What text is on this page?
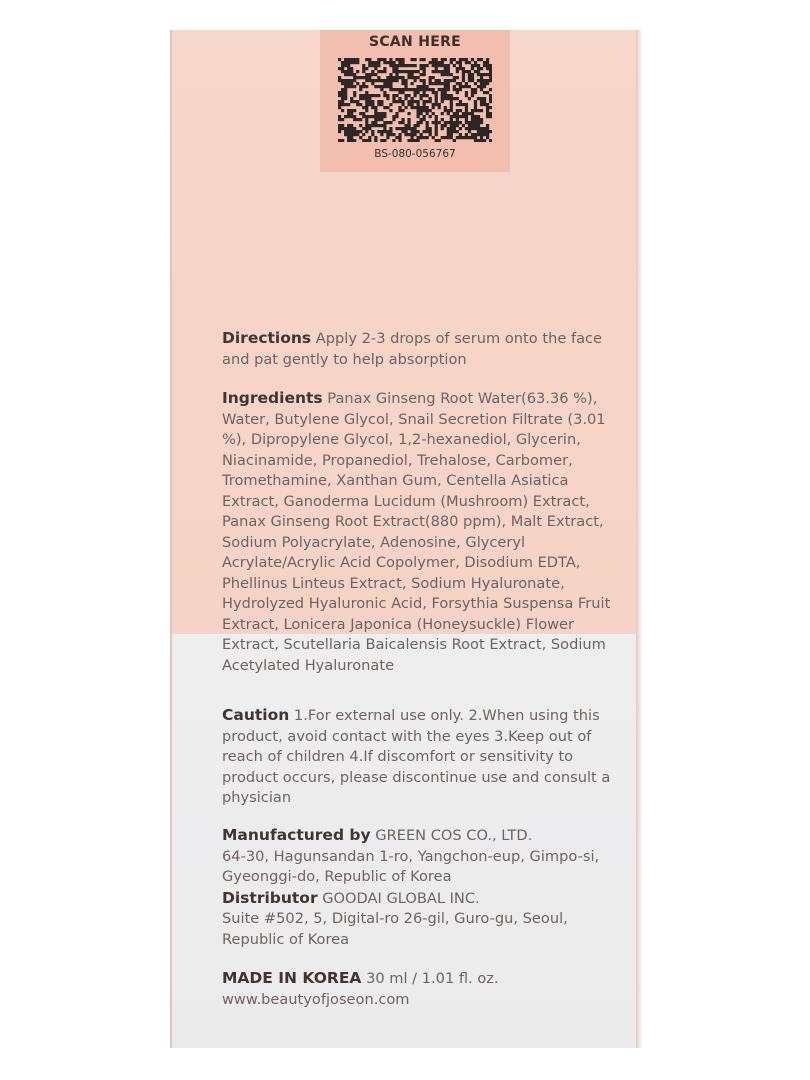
SCAN HERE
BS-080-056767

Directions Apply 2-3 drops of serum onto the face and pat gently to help absorption

Ingredients Panax Ginseng Root Water(63.36 %), Water, Butylene Glycol, Snail Secretion Filtrate (3.01 %), Dipropylene Glycol, 1,2-hexanediol, Glycerin, Niacinamide, Propanediol, Trehalose, Carbomer, Tromethamine, Xanthan Gum, Centella Asiatica Extract, Ganoderma Lucidum (Mushroom) Extract, Panax Ginseng Root Extract(880 ppm), Malt Extract, Sodium Polyacrylate, Adenosine, Glyceryl Acrylate/Acrylic Acid Copolymer, Disodium EDTA, Phellinus Linteus Extract, Sodium Hyaluronate, Hydrolyzed Hyaluronic Acid, Forsythia Suspensa Fruit Extract, Lonicera Japonica (Honeysuckle) Flower Extract, Scutellaria Baicalensis Root Extract, Sodium Acetylated Hyaluronate

Caution 1.For external use only. 2.When using this product, avoid contact with the eyes 3.Keep out of reach of children 4.If discomfort or sensitivity to product occurs, please discontinue use and consult a physician

Manufactured by GREEN COS CO., LTD.

64-30, Hagunsandan 1-ro, Yangchon-eup, Gimpo-si, Gyeonggi-do, Republic of Korea

Distributor GOODAI GLOBAL INC.

Suite #502, 5, Digital-ro 26-gil, Guro-gu, Seoul, Republic of Korea

MADE IN KOREA 30 ml / 1.01 fl. oz.

www.beautyofjoseon.com
